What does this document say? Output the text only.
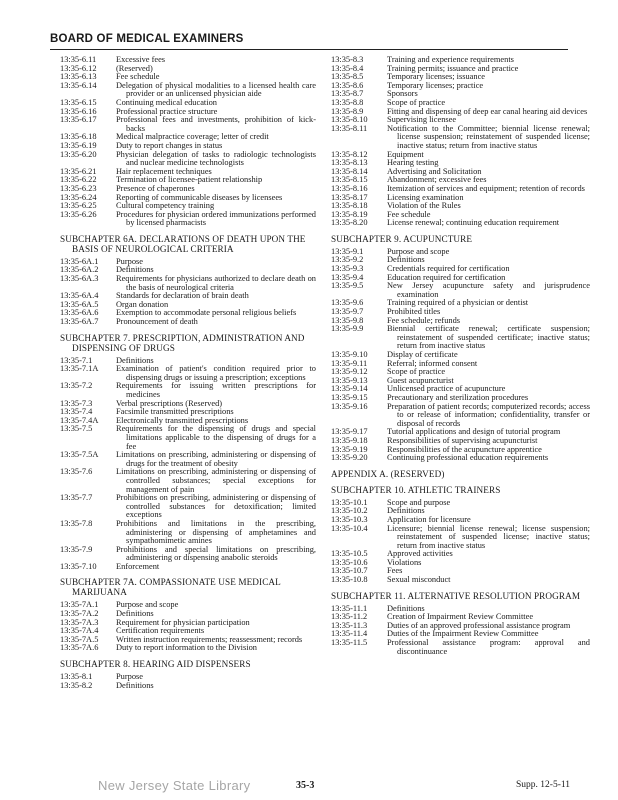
BOARD OF MEDICAL EXAMINERS
13:35-6.11	Excessive fees
13:35-6.12	(Reserved)
13:35-6.13	Fee schedule
13:35-6.14	Delegation of physical modalities to a licensed health care provider or an unlicensed physician aide
13:35-6.15	Continuing medical education
13:35-6.16	Professional practice structure
13:35-6.17	Professional fees and investments, prohibition of kick-backs
13:35-6.18	Medical malpractice coverage; letter of credit
13:35-6.19	Duty to report changes in status
13:35-6.20	Physician delegation of tasks to radiologic technologists and nuclear medicine technologists
13:35-6.21	Hair replacement techniques
13:35-6.22	Termination of licensee-patient relationship
13:35-6.23	Presence of chaperones
13:35-6.24	Reporting of communicable diseases by licensees
13:35-6.25	Cultural competency training
13:35-6.26	Procedures for physician ordered immunizations performed by licensed pharmacists
SUBCHAPTER 6A. DECLARATIONS OF DEATH UPON THE BASIS OF NEUROLOGICAL CRITERIA
13:35-6A.1	Purpose
13:35-6A.2	Definitions
13:35-6A.3	Requirements for physicians authorized to declare death on the basis of neurological criteria
13:35-6A.4	Standards for declaration of brain death
13:35-6A.5	Organ donation
13:35-6A.6	Exemption to accommodate personal religious beliefs
13:35-6A.7	Pronouncement of death
SUBCHAPTER 7. PRESCRIPTION, ADMINISTRATION AND DISPENSING OF DRUGS
13:35-7.1	Definitions
13:35-7.1A	Examination of patient's condition required prior to dispensing drugs or issuing a prescription; exceptions
13:35-7.2	Requirements for issuing written prescriptions for medicines
13:35-7.3	Verbal prescriptions (Reserved)
13:35-7.4	Facsimile transmitted prescriptions
13:35-7.4A	Electronically transmitted prescriptions
13:35-7.5	Requirements for the dispensing of drugs and special limitations applicable to the dispensing of drugs for a fee
13:35-7.5A	Limitations on prescribing, administering or dispensing of drugs for the treatment of obesity
13:35-7.6	Limitations on prescribing, administering or dispensing of controlled substances; special exceptions for management of pain
13:35-7.7	Prohibitions on prescribing, administering or dispensing of controlled substances for detoxification; limited exceptions
13:35-7.8	Prohibitions and limitations in the prescribing, administering or dispensing of amphetamines and sympathomimetic amines
13:35-7.9	Prohibitions and special limitations on prescribing, administering or dispensing anabolic steroids
13:35-7.10	Enforcement
SUBCHAPTER 7A. COMPASSIONATE USE MEDICAL MARIJUANA
13:35-7A.1	Purpose and scope
13:35-7A.2	Definitions
13:35-7A.3	Requirement for physician participation
13:35-7A.4	Certification requirements
13:35-7A.5	Written instruction requirements; reassessment; records
13:35-7A.6	Duty to report information to the Division
SUBCHAPTER 8. HEARING AID DISPENSERS
13:35-8.1	Purpose
13:35-8.2	Definitions
13:35-8.3	Training and experience requirements
13:35-8.4	Training permits; issuance and practice
13:35-8.5	Temporary licenses; issuance
13:35-8.6	Temporary licenses; practice
13:35-8.7	Sponsors
13:35-8.8	Scope of practice
13:35-8.9	Fitting and dispensing of deep ear canal hearing aid devices
13:35-8.10	Supervising licensee
13:35-8.11	Notification to the Committee; biennial license renewal; license suspension; reinstatement of suspended license; inactive status; return from inactive status
13:35-8.12	Equipment
13:35-8.13	Hearing testing
13:35-8.14	Advertising and Solicitation
13:35-8.15	Abandonment; excessive fees
13:35-8.16	Itemization of services and equipment; retention of records
13:35-8.17	Licensing examination
13:35-8.18	Violation of the Rules
13:35-8.19	Fee schedule
13:35-8.20	License renewal; continuing education requirement
SUBCHAPTER 9. ACUPUNCTURE
13:35-9.1	Purpose and scope
13:35-9.2	Definitions
13:35-9.3	Credentials required for certification
13:35-9.4	Education required for certification
13:35-9.5	New Jersey acupuncture safety and jurisprudence examination
13:35-9.6	Training required of a physician or dentist
13:35-9.7	Prohibited titles
13:35-9.8	Fee schedule; refunds
13:35-9.9	Biennial certificate renewal; certificate suspension; reinstatement of suspended certificate; inactive status; return from inactive status
13:35-9.10	Display of certificate
13:35-9.11	Referral; informed consent
13:35-9.12	Scope of practice
13:35-9.13	Guest acupuncturist
13:35-9.14	Unlicensed practice of acupuncture
13:35-9.15	Precautionary and sterilization procedures
13:35-9.16	Preparation of patient records; computerized records; access to or release of information; confidentiality, transfer or disposal of records
13:35-9.17	Tutorial applications and design of tutorial program
13:35-9.18	Responsibilities of supervising acupuncturist
13:35-9.19	Responsibilities of the acupuncture apprentice
13:35-9.20	Continuing professional education requirements
APPENDIX A. (RESERVED)
SUBCHAPTER 10. ATHLETIC TRAINERS
13:35-10.1	Scope and purpose
13:35-10.2	Definitions
13:35-10.3	Application for licensure
13:35-10.4	Licensure; biennial license renewal; license suspension; reinstatement of suspended license; inactive status; return from inactive status
13:35-10.5	Approved activities
13:35-10.6	Violations
13:35-10.7	Fees
13:35-10.8	Sexual misconduct
SUBCHAPTER 11. ALTERNATIVE RESOLUTION PROGRAM
13:35-11.1	Definitions
13:35-11.2	Creation of Impairment Review Committee
13:35-11.3	Duties of an approved professional assistance program
13:35-11.4	Duties of the Impairment Review Committee
13:35-11.5	Professional assistance program: approval and discontinuance
New Jersey State Library	35-3	Supp. 12-5-11
